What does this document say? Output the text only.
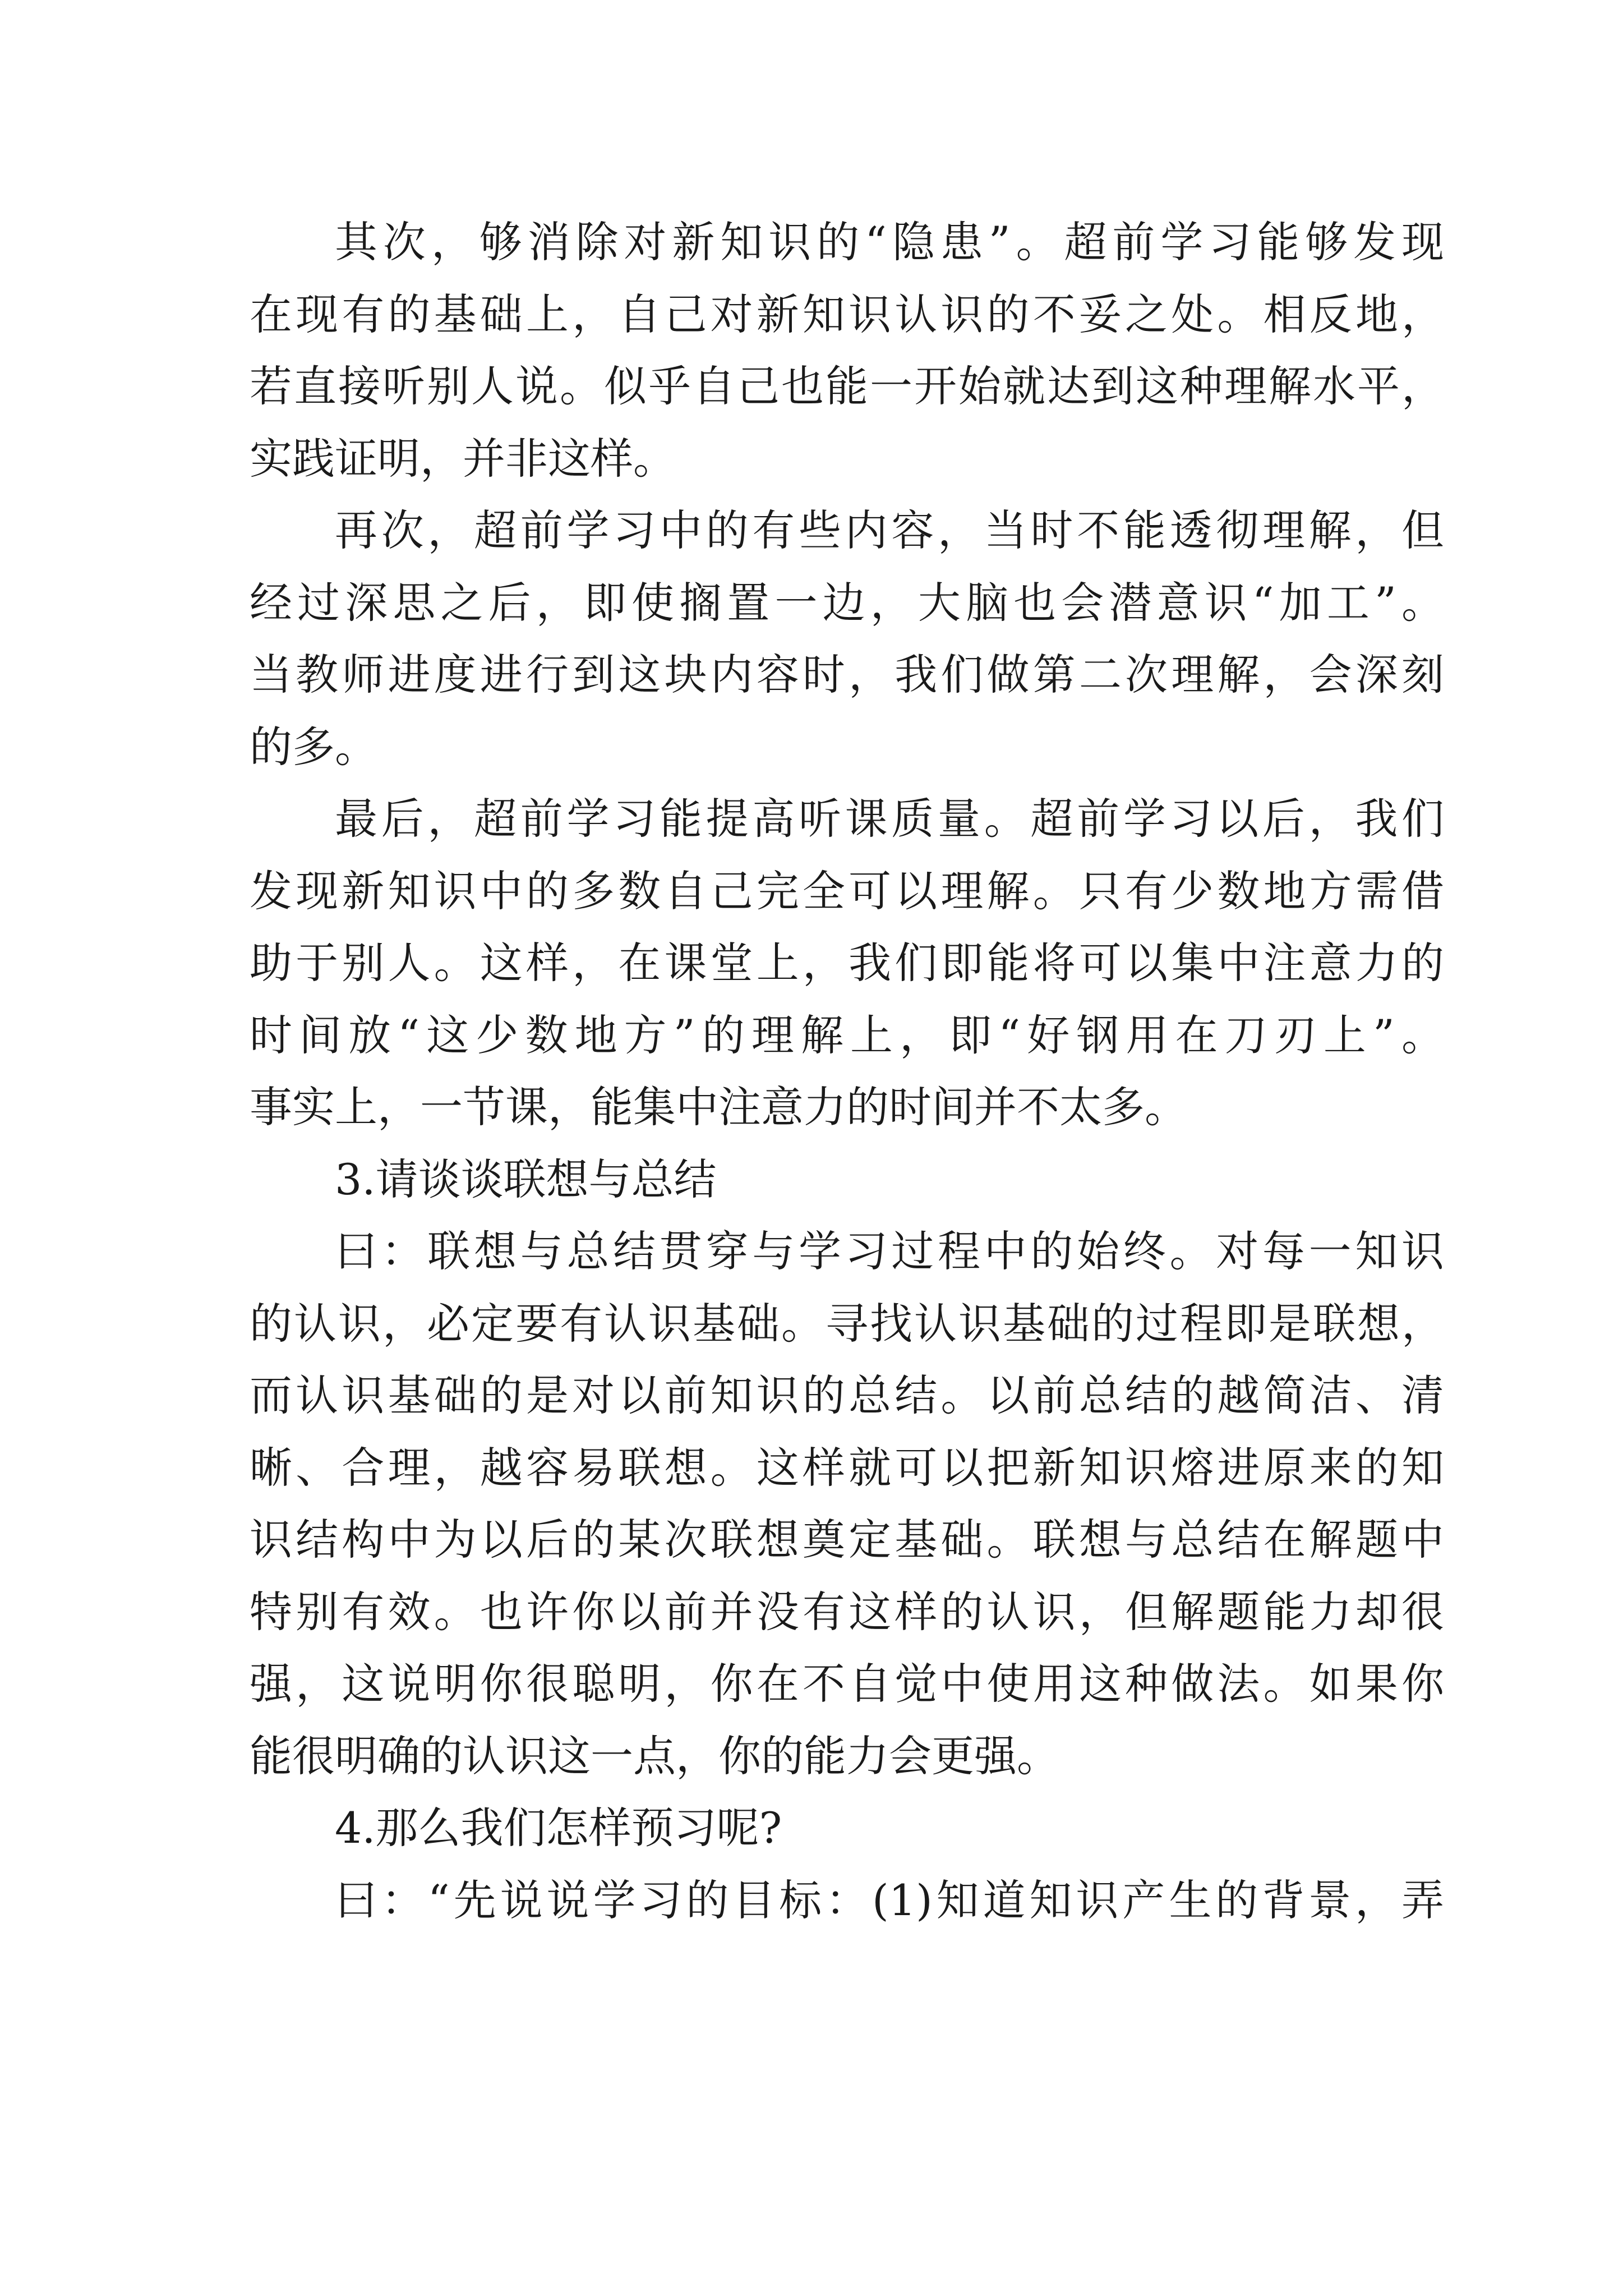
其次，够消除对新知识的“隐患”。超前学习能够发现
在现有的基础上，自己对新知识认识的不妥之处。相反地，
若直接听别人说。似乎自己也能一开始就达到这种理解水平，
实践证明，并非这样。
再次，超前学习中的有些内容，当时不能透彻理解，但
经过深思之后，即使搁置一边，大脑也会潜意识“加工”。
当教师进度进行到这块内容时，我们做第二次理解，会深刻
的多。
最后，超前学习能提高听课质量。超前学习以后，我们
发现新知识中的多数自己完全可以理解。只有少数地方需借
助于别人。这样，在课堂上，我们即能将可以集中注意力的
时间放“这少数地方”的理解上，即“好钢用在刀刃上”。
事实上，一节课，能集中注意力的时间并不太多。
3.请谈谈联想与总结
曰：联想与总结贯穿与学习过程中的始终。对每一知识
的认识，必定要有认识基础。寻找认识基础的过程即是联想，
而认识基础的是对以前知识的总结。以前总结的越简洁、清
晰、合理，越容易联想。这样就可以把新知识熔进原来的知
识结构中为以后的某次联想奠定基础。联想与总结在解题中
特别有效。也许你以前并没有这样的认识，但解题能力却很
强，这说明你很聪明，你在不自觉中使用这种做法。如果你
能很明确的认识这一点，你的能力会更强。
4.那么我们怎样预习呢?
曰：“先说说学习的目标：(1)知道知识产生的背景，弄
